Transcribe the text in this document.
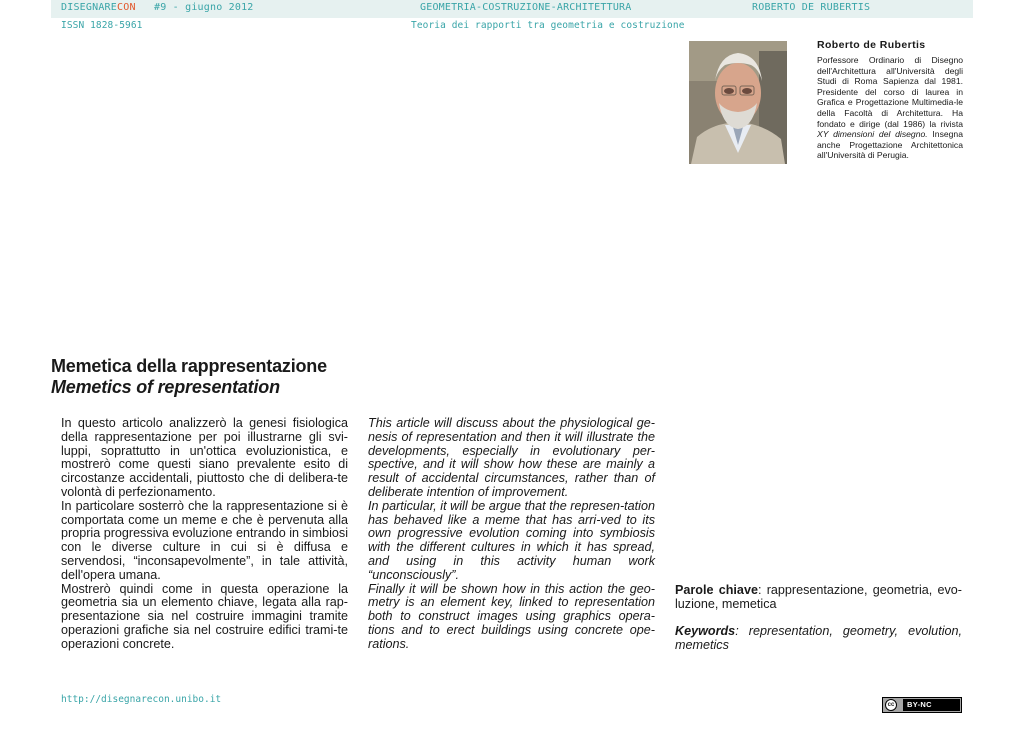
DISEGNARECON #9 - giugno 2012	GEOMETRIA-COSTRUZIONE-ARCHITETTURA	ROBERTO DE RUBERTIS
ISSN 1828-5961	Teoria dei rapporti tra geometria e costruzione
Roberto de Rubertis
Porfessore Ordinario di Disegno dell'Architettura all'Università degli Studi di Roma Sapienza dal 1981. Presidente del corso di laurea in Grafica e Progettazione Multimedia-le della Facoltà di Architettura. Ha fondato e dirige (dal 1986) la rivista XY dimensioni del disegno. Insegna anche Progettazione Architettonica all'Università di Perugia.
Memetica della rappresentazione
Memetics of representation

In questo articolo analizzerò la genesi fisiologica della rappresentazione per poi illustrarne gli svi-luppi, soprattutto in un'ottica evoluzionistica, e mostrerò come questi siano prevalente esito di circostanze accidentali, piuttosto che di delibera-te volontà di perfezionamento.

In particolare sosterrò che la rappresentazione si è comportata come un meme e che è pervenuta alla propria progressiva evoluzione entrando in simbiosi con le diverse culture in cui si è diffusa e servendosi, “inconsapevolmente”, in tale attività, dell'opera umana.

Mostrerò quindi come in questa operazione la geometria sia un elemento chiave, legata alla rap-presentazione sia nel costruire immagini tramite operazioni grafiche sia nel costruire edifici trami-te operazioni concrete.

This article will discuss about the physiological ge-nesis of representation and then it will illustrate the developments, especially in evolutionary per-spective, and it will show how these are mainly a result of accidental circumstances, rather than of deliberate intention of improvement.

In particular, it will be argue that the represen-tation has behaved like a meme that has arri-ved to its own progressive evolution coming into symbiosis with the different cultures in which it has spread, and using in this activity human work “unconsciously”.

Finally it will be shown how in this action the geo-metry is an element key, linked to representation both to construct images using graphics opera-tions and to erect buildings using concrete ope-rations.

Parole chiave: rappresentazione, geometria, evo-luzione, memetica
Keywords: representation, geometry, evolution, memetics
http://disegnarecon.unibo.it	cc	BY-NC
